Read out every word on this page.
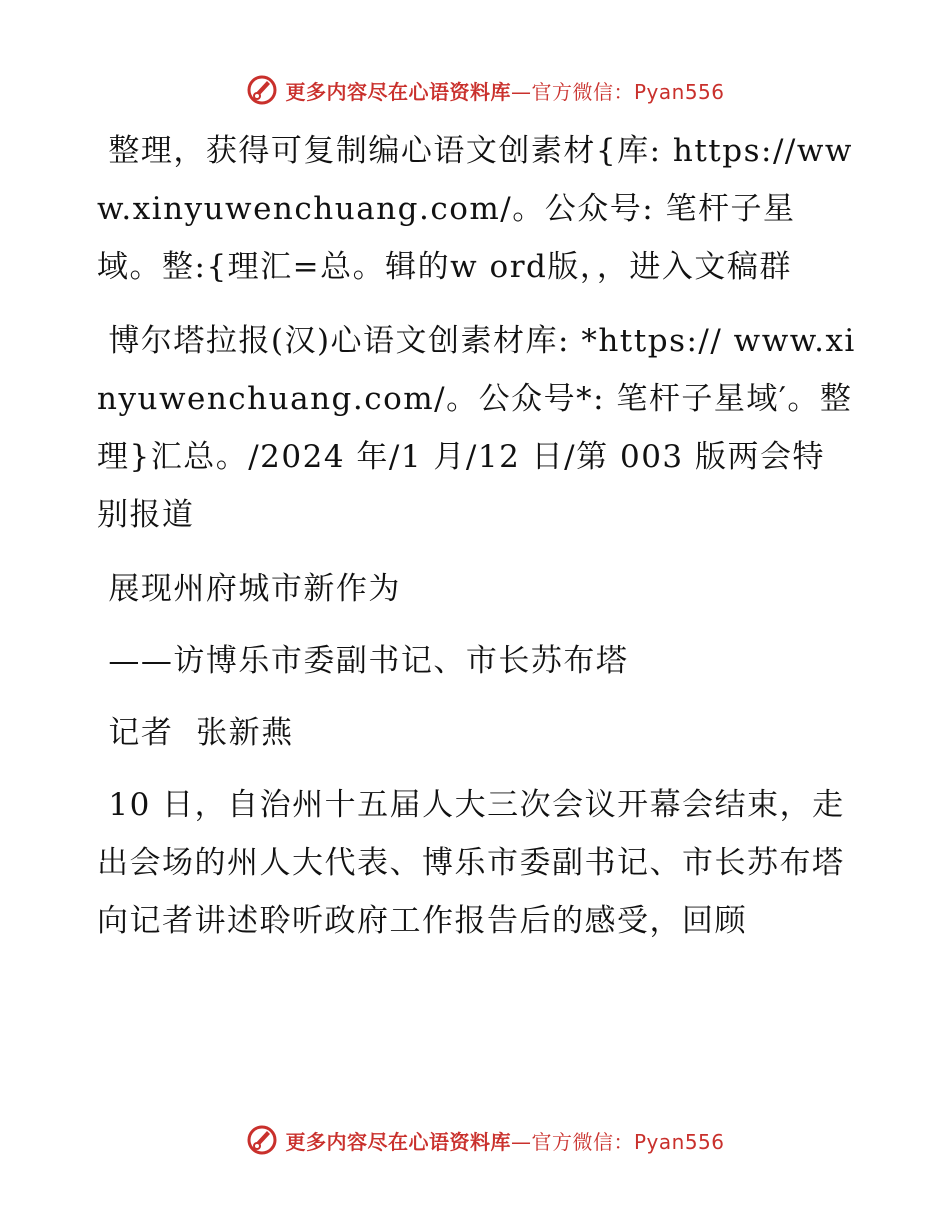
更多内容尽在心语资料库—官方微信：Pyan556

整理，获得可复制编心语文创素材{库: https://www.xinyuwenchuang.com/。公众号: 笔杆子星域。整:{理汇=总。辑的w ord版，，进入文稿群

博尔塔拉报(汉)心语文创素材库: *https:// www.xinyuwenchuang.com/。公众号*: 笔杆子星域′。整理}汇总。/2024 年/1 月/12 日/第 003 版两会特别报道

展现州府城市新作为

——访博乐市委副书记、市长苏布塔

记者  张新燕

10 日，自治州十五届人大三次会议开幕会结束，走出会场的州人大代表、博乐市委副书记、市长苏布塔向记者讲述聆听政府工作报告后的感受，回顾

更多内容尽在心语资料库—官方微信：Pyan556
